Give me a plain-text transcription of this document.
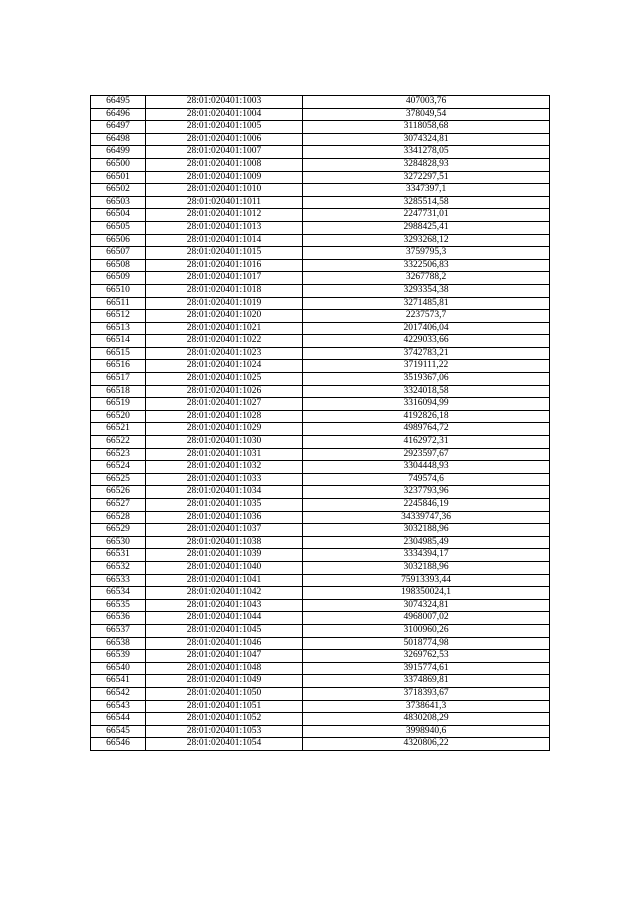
66495	28:01:020401:1003	407003,76
66496	28:01:020401:1004	378049,54
66497	28:01:020401:1005	3118058,68
66498	28:01:020401:1006	3074324,81
66499	28:01:020401:1007	3341278,05
66500	28:01:020401:1008	3284828,93
66501	28:01:020401:1009	3272297,51
66502	28:01:020401:1010	3347397,1
66503	28:01:020401:1011	3285514,58
66504	28:01:020401:1012	2247731,01
66505	28:01:020401:1013	2988425,41
66506	28:01:020401:1014	3293268,12
66507	28:01:020401:1015	3759795,3
66508	28:01:020401:1016	3322506,83
66509	28:01:020401:1017	3267788,2
66510	28:01:020401:1018	3293354,38
66511	28:01:020401:1019	3271485,81
66512	28:01:020401:1020	2237573,7
66513	28:01:020401:1021	2017406,04
66514	28:01:020401:1022	4229033,66
66515	28:01:020401:1023	3742783,21
66516	28:01:020401:1024	3719111,22
66517	28:01:020401:1025	3519367,06
66518	28:01:020401:1026	3324018,58
66519	28:01:020401:1027	3316094,99
66520	28:01:020401:1028	4192826,18
66521	28:01:020401:1029	4989764,72
66522	28:01:020401:1030	4162972,31
66523	28:01:020401:1031	2923597,67
66524	28:01:020401:1032	3304448,93
66525	28:01:020401:1033	749574,6
66526	28:01:020401:1034	3237793,96
66527	28:01:020401:1035	2245846,19
66528	28:01:020401:1036	34339747,36
66529	28:01:020401:1037	3032188,96
66530	28:01:020401:1038	2304985,49
66531	28:01:020401:1039	3334394,17
66532	28:01:020401:1040	3032188,96
66533	28:01:020401:1041	75913393,44
66534	28:01:020401:1042	198350024,1
66535	28:01:020401:1043	3074324,81
66536	28:01:020401:1044	4968007,02
66537	28:01:020401:1045	3100960,26
66538	28:01:020401:1046	5018774,98
66539	28:01:020401:1047	3269762,53
66540	28:01:020401:1048	3915774,61
66541	28:01:020401:1049	3374869,81
66542	28:01:020401:1050	3718393,67
66543	28:01:020401:1051	3738641,3
66544	28:01:020401:1052	4830208,29
66545	28:01:020401:1053	3998940,6
66546	28:01:020401:1054	4320806,22
